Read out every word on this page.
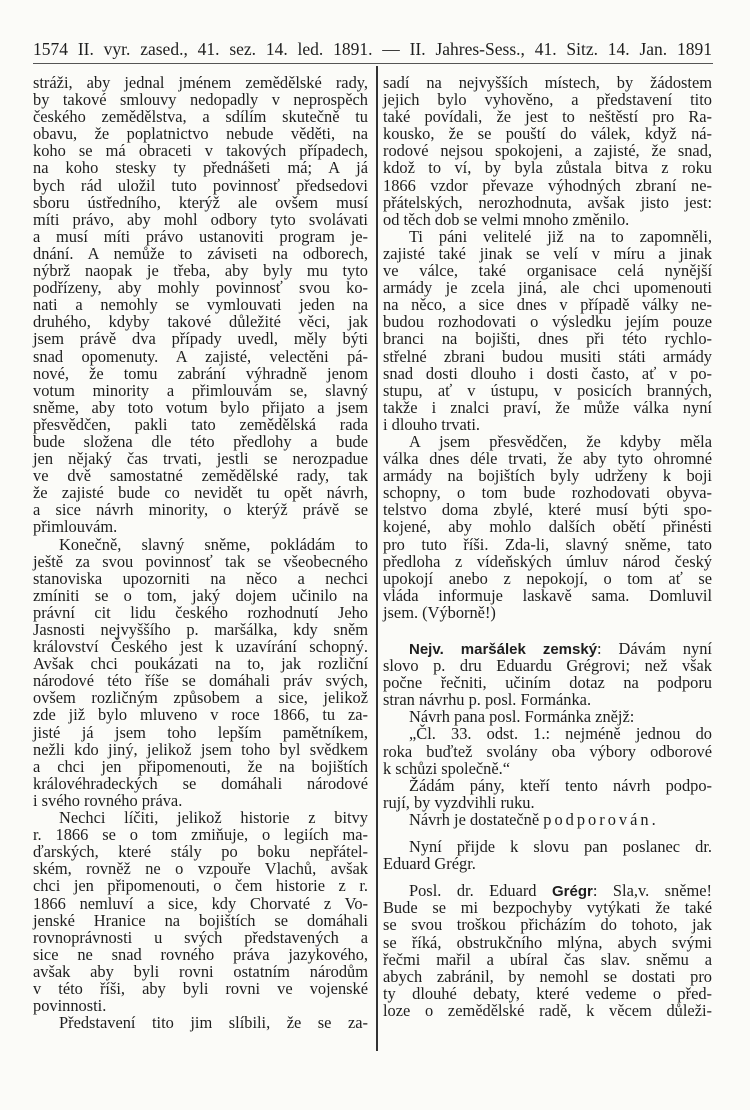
1574 II. vyr. zased., 41. sez. 14. led. 1891. — II. Jahres-Sess., 41. Sitz. 14. Jan. 1891
stráži, aby jednal jménem zemědělské rady,
by takové smlouvy nedopadly v neprospěch
českého zemědělstva, a sdílím skutečně tu
obavu, že poplatnictvo nebude věděti, na
koho se má obraceti v takových případech,
na koho stesky ty přednášeti má; A já
bych rád uložil tuto povinnosť předsedovi
sboru ústředního, kterýž ale ovšem musí
míti právo, aby mohl odbory tyto svolávati
a musí míti právo ustanoviti program je-
dnání. A nemůže to záviseti na odborech,
nýbrž naopak je třeba, aby byly mu tyto
podřízeny, aby mohly povinnosť svou ko-
nati a nemohly se vymlouvati jeden na
druhého, kdyby takové důležité věci, jak
jsem právě dva případy uvedl, měly býti
snad opomenuty. A zajisté, velectěni pá-
nové, že tomu zabrání výhradně jenom
votum minority a přimlouvám se, slavný
sněme, aby toto votum bylo přijato a jsem
přesvědčen, pakli tato zemědělská rada
bude složena dle této předlohy a bude
jen nějaký čas trvati, jestli se nerozpadue
ve dvě samostatné zemědělské rady, tak
že zajisté bude co nevidět tu opět návrh,
a sice návrh minority, o kterýž právě se
přimlouvám.
Konečně, slavný sněme, pokládám to
ještě za svou povinnosť tak se všeobecného
stanoviska upozorniti na něco a nechci
zmíniti se o tom, jaký dojem učinilo na
právní cit lidu českého rozhodnutí Jeho
Jasnosti nejvyššího p. maršálka, kdy sněm
království Českého jest k uzavírání schopný.
Avšak chci poukázati na to, jak rozliční
národové této říše se domáhali práv svých,
ovšem rozličným způsobem a sice, jelikož
zde již bylo mluveno v roce 1866, tu za-
jisté já jsem toho lepším pamětníkem,
nežli kdo jiný, jelikož jsem toho byl svědkem
a chci jen připomenouti, že na bojištích
královéhradeckých se domáhali národové
i svého rovného práva.
Nechci líčiti, jelikož historie z bitvy
r. 1866 se o tom zmiňuje, o legiích ma-
ďarských, které stály po boku nepřátel-
ském, rovněž ne o vzpouře Vlachů, avšak
chci jen připomenouti, o čem historie z r.
1866 nemluví a sice, kdy Chorvaté z Vo-
jenské Hranice na bojištích se domáhali
rovnoprávnosti u svých představených a
sice ne snad rovného práva jazykového,
avšak aby byli rovni ostatním národům
v této říši, aby byli rovni ve vojenské
povinnosti.
Představení tito jim slíbili, že se za-
sadí na nejvyšších místech, by žádostem
jejich bylo vyhověno, a představení tito
také povídali, že jest to neštěstí pro Ra-
kousko, že se pouští do válek, když ná-
rodové nejsou spokojeni, a zajisté, že snad,
kdož to ví, by byla zůstala bitva z roku
1866 vzdor převaze výhodných zbraní ne-
přátelských, nerozhodnuta, avšak jisto jest:
od těch dob se velmi mnoho změnilo.
Ti páni velitelé již na to zapomněli,
zajisté také jinak se velí v míru a jinak
ve válce, také organisace celá nynější
armády je zcela jiná, ale chci upomenouti
na něco, a sice dnes v případě války ne-
budou rozhodovati o výsledku jejím pouze
branci na bojišti, dnes při této rychlo-
střelné zbrani budou musiti státi armády
snad dosti dlouho i dosti často, ať v po-
stupu, ať v ústupu, v posicích branných,
takže i znalci praví, že může válka nyní
i dlouho trvati.
A jsem přesvědčen, že kdyby měla
válka dnes déle trvati, že aby tyto ohromné
armády na bojištích byly udrženy k boji
schopny, o tom bude rozhodovati obyva-
telstvo doma zbylé, které musí býti spo-
kojené, aby mohlo dalších obětí přinésti
pro tuto říši. Zda-li, slavný sněme, tato
předloha z vídeňských úmluv národ český
upokojí anebo z nepokojí, o tom ať se
vláda informuje laskavě sama. Domluvil
jsem. (Výborně!)
Nejv. maršálek zemský: Dávám nyní
slovo p. dru Eduardu Grégrovi; než však
počne řečniti, učiním dotaz na podporu
stran návrhu p. posl. Formánka.
Návrh pana posl. Formánka znějž:
„Čl. 33. odst. 1.: nejméně jednou do
roka buďtež svolány oba výbory odborové
k schůzi společně.“
Žádám pány, kteří tento návrh podpo-
rují, by vyzdvihli ruku.
Návrh je dostatečně podporován.
Nyní přijde k slovu pan poslanec dr.
Eduard Grégr.
Posl. dr. Eduard Grégr: Sla,v. sněme!
Bude se mi bezpochyby vytýkati že také
se svou troškou přicházím do tohoto, jak
se říká, obstrukčního mlýna, abych svými
řečmi mařil a ubíral čas slav. sněmu a
abych zabránil, by nemohl se dostati pro
ty dlouhé debaty, které vedeme o před-
loze o zemědělské radě, k věcem důleži-
